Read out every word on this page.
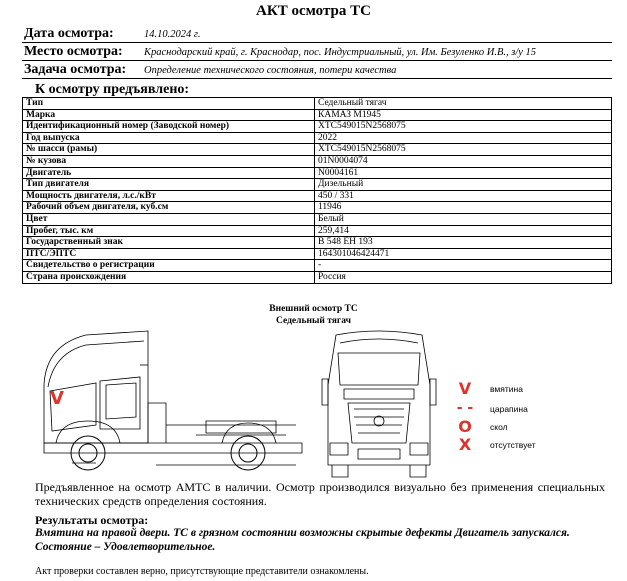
АКТ осмотра ТС
Дата осмотра:	14.10.2024 г.
Место осмотра: Краснодарский край, г. Краснодар, пос. Индустриальный, ул. Им. Безуленко И.В., з/у 15
Задача осмотра: Определение технического состояния, потери качества
К осмотру предъявлено:
Тип	Седельный тягач
Марка	КАМАЗ М1945
Идентификационный номер (Заводской номер)	XTC549015N2568075
Год выпуска	2022
№ шасси (рамы)	XTC549015N2568075
№ кузова	01N0004074
Двигатель	N0004161
Тип двигателя	Дизельный
Мощность двигателя, л.с./кВт	450 / 331
Рабочий объем двигателя, куб.см	11946
Цвет	Белый
Пробег, тыс. км	259,414
Государственный знак	В 548 ЕН 193
ПТС/ЭПТС	164301046424471
Свидетельство о регистрации	-
Страна происхождения	Россия
Внешний осмотр ТС
Седельный тягач
V	V	вмятина
- - царапина
O скол
X	отсутствует
Предъявленное на осмотр АМТС в наличии. Осмотр производился визуально без применения специальных технических средств определения состояния.
Результаты осмотра:
Вмятина на правой двери. ТС в грязном состоянии возможны скрытые дефекты Двигатель запускался. Состояние – Удовлетворительное.
Акт проверки составлен верно, присутствующие представители ознакомлены.
